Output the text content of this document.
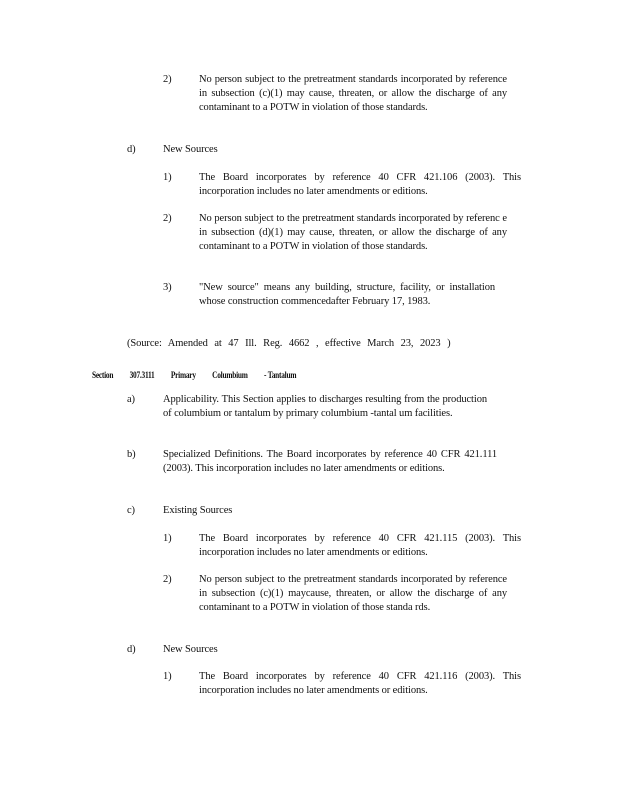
2)	No person subject to the pretreatment standards incorporated by reference in subsection (c)(1) may cause, threaten, or allow the discharge of any contaminant to a POTW in violation of those standards.
d)	New Sources
1)	The Board incorporates by reference 40 CFR 421.106 (2003). This incorporation includes no later amendments or editions.
2)	No person subject to the pretreatment standards incorporated by referenc e in subsection (d)(1) may cause, threaten, or allow the discharge of any contaminant to a POTW in violation of those standards.
3)	"New source" means any building, structure, facility, or installation whose construction commencedafter February 17, 1983.
(Source: Amended at 47 Ill. Reg. 4662 , effective March 23, 2023 )
Section 307.3111 Primary Columbium - Tantalum
a)	Applicability. This Section applies to discharges resulting from the production of columbium or tantalum by primary columbium -tantal um facilities.
b)	Specialized Definitions. The Board incorporates by reference 40 CFR 421.111 (2003). This incorporation includes no later amendments or editions.
c)	Existing Sources
1)	The Board incorporates by reference 40 CFR 421.115 (2003). This incorporation includes no later amendments or editions.
2)	No person subject to the pretreatment standards incorporated by reference in subsection (c)(1) maycause, threaten, or allow the discharge of any contaminant to a POTW in violation of those standa rds.
d)	New Sources
1)	The Board incorporates by reference 40 CFR 421.116 (2003). This incorporation includes no later amendments or editions.
